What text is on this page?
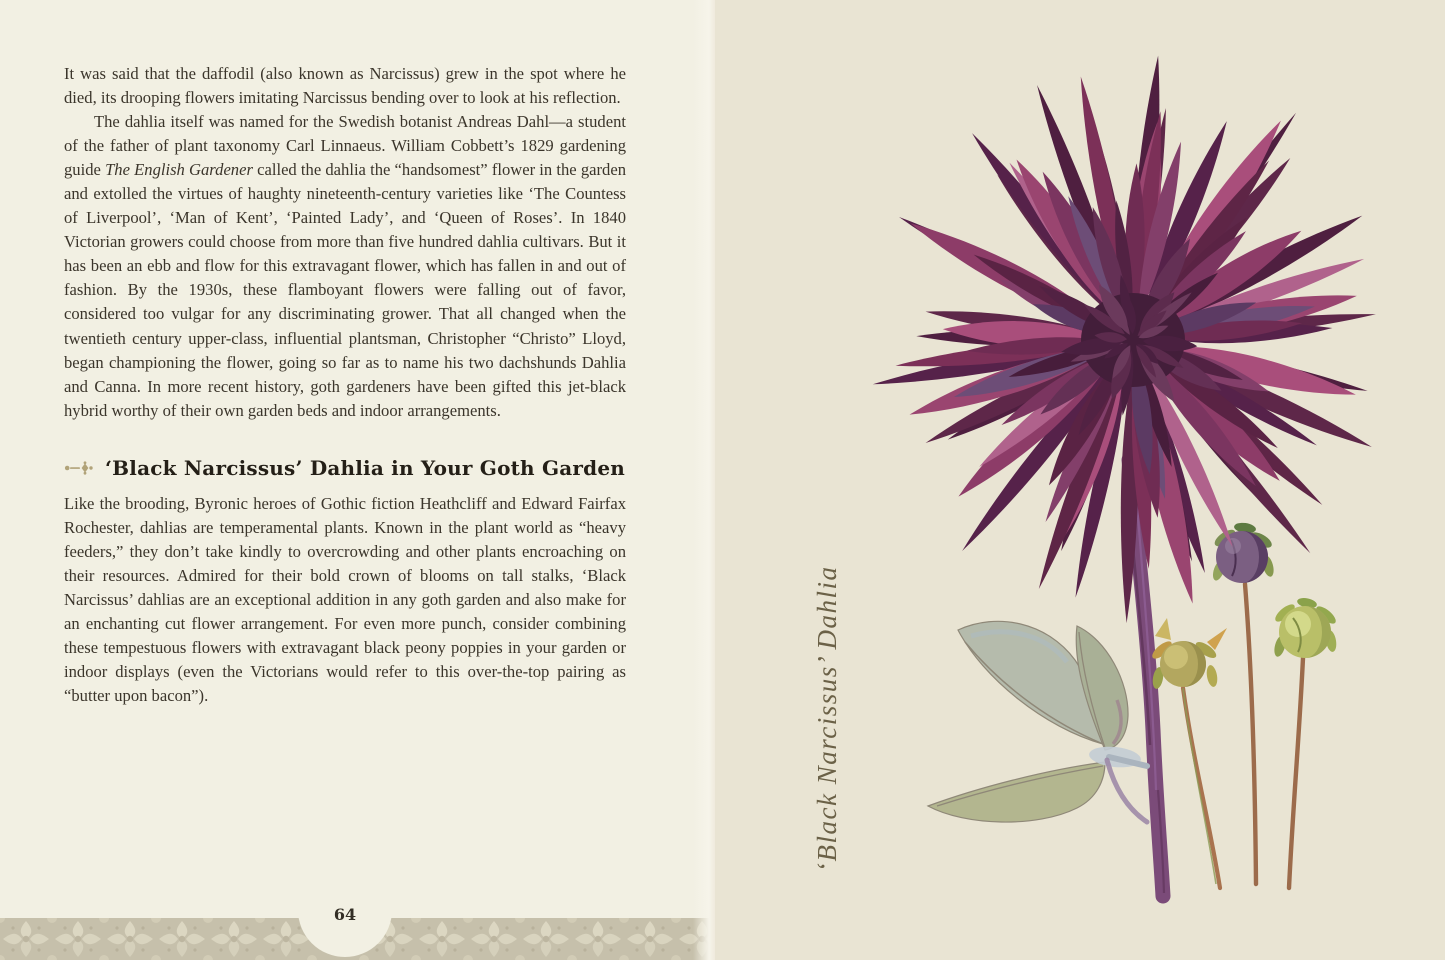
It was said that the daffodil (also known as Narcissus) grew in the spot where he died, its drooping flowers imitating Narcissus bending over to look at his reflection.

The dahlia itself was named for the Swedish botanist Andreas Dahl—a student of the father of plant taxonomy Carl Linnaeus. William Cobbett’s 1829 gardening guide The English Gardener called the dahlia the “handsomest” flower in the garden and extolled the virtues of haughty nineteenth-century varieties like ‘The Countess of Liverpool’, ‘Man of Kent’, ‘Painted Lady’, and ‘Queen of Roses’. In 1840 Victorian growers could choose from more than five hundred dahlia cultivars. But it has been an ebb and flow for this extravagant flower, which has fallen in and out of fashion. By the 1930s, these flamboyant flowers were falling out of favor, considered too vulgar for any discriminating grower. That all changed when the twentieth century upper-class, influential plantsman, Christopher “Christo” Lloyd, began championing the flower, going so far as to name his two dachshunds Dahlia and Canna. In more recent history, goth gardeners have been gifted this jet-black hybrid worthy of their own garden beds and indoor arrangements.

‘Black Narcissus’ Dahlia in Your Goth Garden

Like the brooding, Byronic heroes of Gothic fiction Heathcliff and Edward Fairfax Rochester, dahlias are temperamental plants. Known in the plant world as “heavy feeders,” they don’t take kindly to overcrowding and other plants encroaching on their resources. Admired for their bold crown of blooms on tall stalks, ‘Black Narcissus’ dahlias are an exceptional addition in any goth garden and also make for an enchanting cut flower arrangement. For even more punch, consider combining these tempestuous flowers with extravagant black peony poppies in your garden or indoor displays (even the Victorians would refer to this over-the-top pairing as “butter upon bacon”).

64
‘Black Narcissus’ Dahlia
